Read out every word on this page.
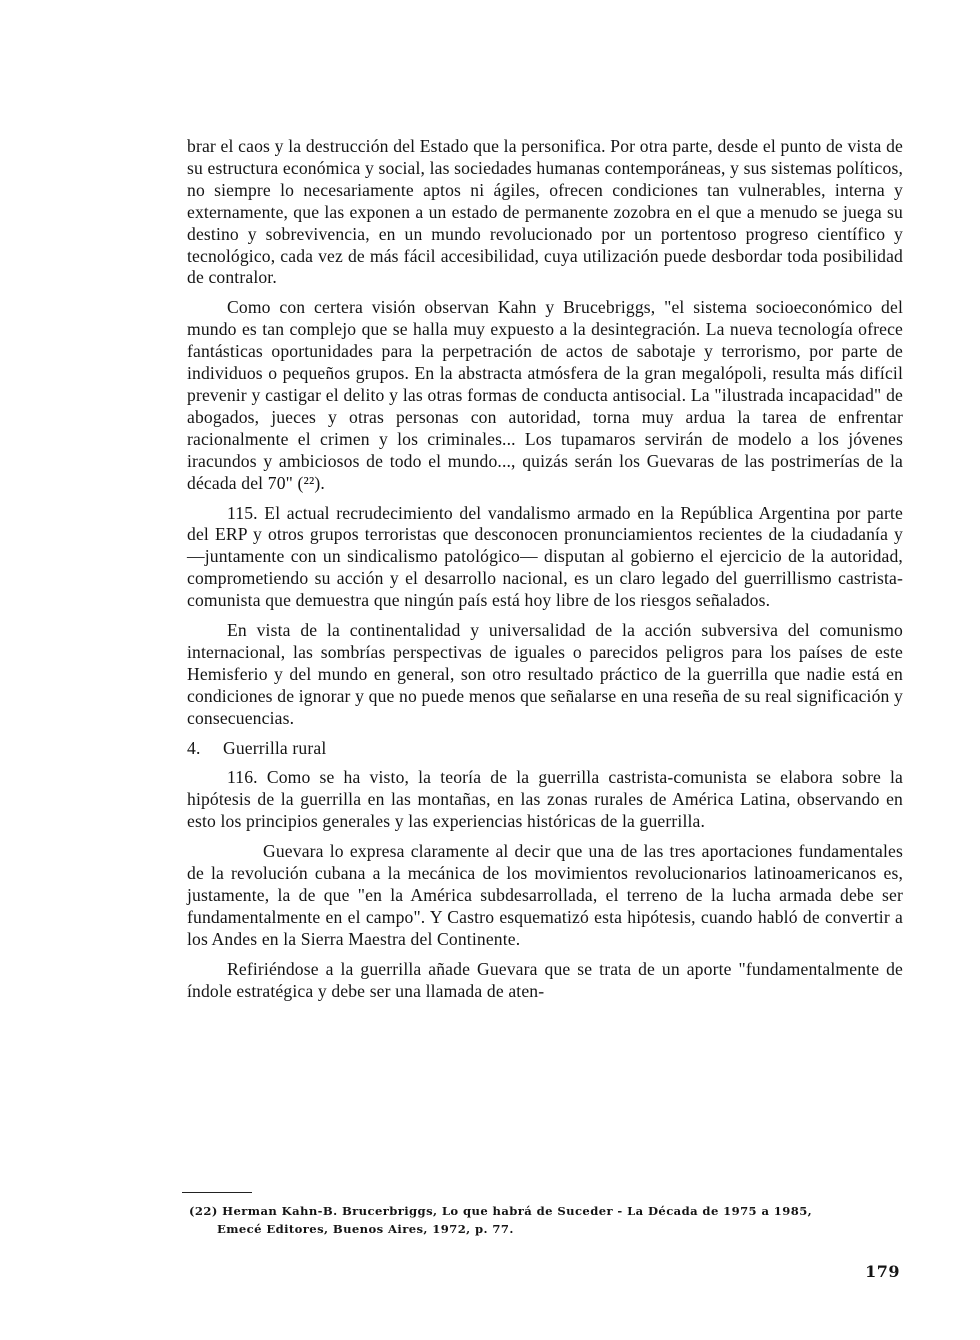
brar el caos y la destrucción del Estado que la personifica. Por otra parte, desde el punto de vista de su estructura económica y social, las sociedades humanas contemporáneas, y sus sistemas políticos, no siempre lo necesariamente aptos ni ágiles, ofrecen condiciones tan vulnerables, interna y externamente, que las exponen a un estado de permanente zozobra en el que a menudo se juega su destino y sobrevivencia, en un mundo revolucionado por un portentoso progreso científico y tecnológico, cada vez de más fácil accesibilidad, cuya utilización puede desbordar toda posibilidad de contralor.

Como con certera visión observan Kahn y Brucebriggs, "el sistema socioeconómico del mundo es tan complejo que se halla muy expuesto a la desintegración. La nueva tecnología ofrece fantásticas oportunidades para la perpetración de actos de sabotaje y terrorismo, por parte de individuos o pequeños grupos. En la abstracta atmósfera de la gran megalópoli, resulta más difícil prevenir y castigar el delito y las otras formas de conducta antisocial. La "ilustrada incapacidad" de abogados, jueces y otras personas con autoridad, torna muy ardua la tarea de enfrentar racionalmente el crimen y los criminales... Los tupamaros servirán de modelo a los jóvenes iracundos y ambiciosos de todo el mundo..., quizás serán los Guevaras de las postrimerías de la década del 70" (²²).

115. El actual recrudecimiento del vandalismo armado en la República Argentina por parte del ERP y otros grupos terroristas que desconocen pronunciamientos recientes de la ciudadanía y —juntamente con un sindicalismo patológico— disputan al gobierno el ejercicio de la autoridad, comprometiendo su acción y el desarrollo nacional, es un claro legado del guerrillismo castrista-comunista que demuestra que ningún país está hoy libre de los riesgos señalados.

En vista de la continentalidad y universalidad de la acción subversiva del comunismo internacional, las sombrías perspectivas de iguales o parecidos peligros para los países de este Hemisferio y del mundo en general, son otro resultado práctico de la guerrilla que nadie está en condiciones de ignorar y que no puede menos que señalarse en una reseña de su real significación y consecuencias.

4. Guerrilla rural

116. Como se ha visto, la teoría de la guerrilla castrista-comunista se elabora sobre la hipótesis de la guerrilla en las montañas, en las zonas rurales de América Latina, observando en esto los principios generales y las experiencias históricas de la guerrilla.

Guevara lo expresa claramente al decir que una de las tres aportaciones fundamentales de la revolución cubana a la mecánica de los movimientos revolucionarios latinoamericanos es, justamente, la de que "en la América subdesarrollada, el terreno de la lucha armada debe ser fundamentalmente en el campo". Y Castro esquematizó esta hipótesis, cuando habló de convertir a los Andes en la Sierra Maestra del Continente.

Refiriéndose a la guerrilla añade Guevara que se trata de un aporte "fundamentalmente de índole estratégica y debe ser una llamada de aten-

(22) Herman Kahn-B. Brucerbriggs, Lo que habrá de Suceder - La Década de 1975 a 1985,

Emecé Editores, Buenos Aires, 1972, p. 77.

179
